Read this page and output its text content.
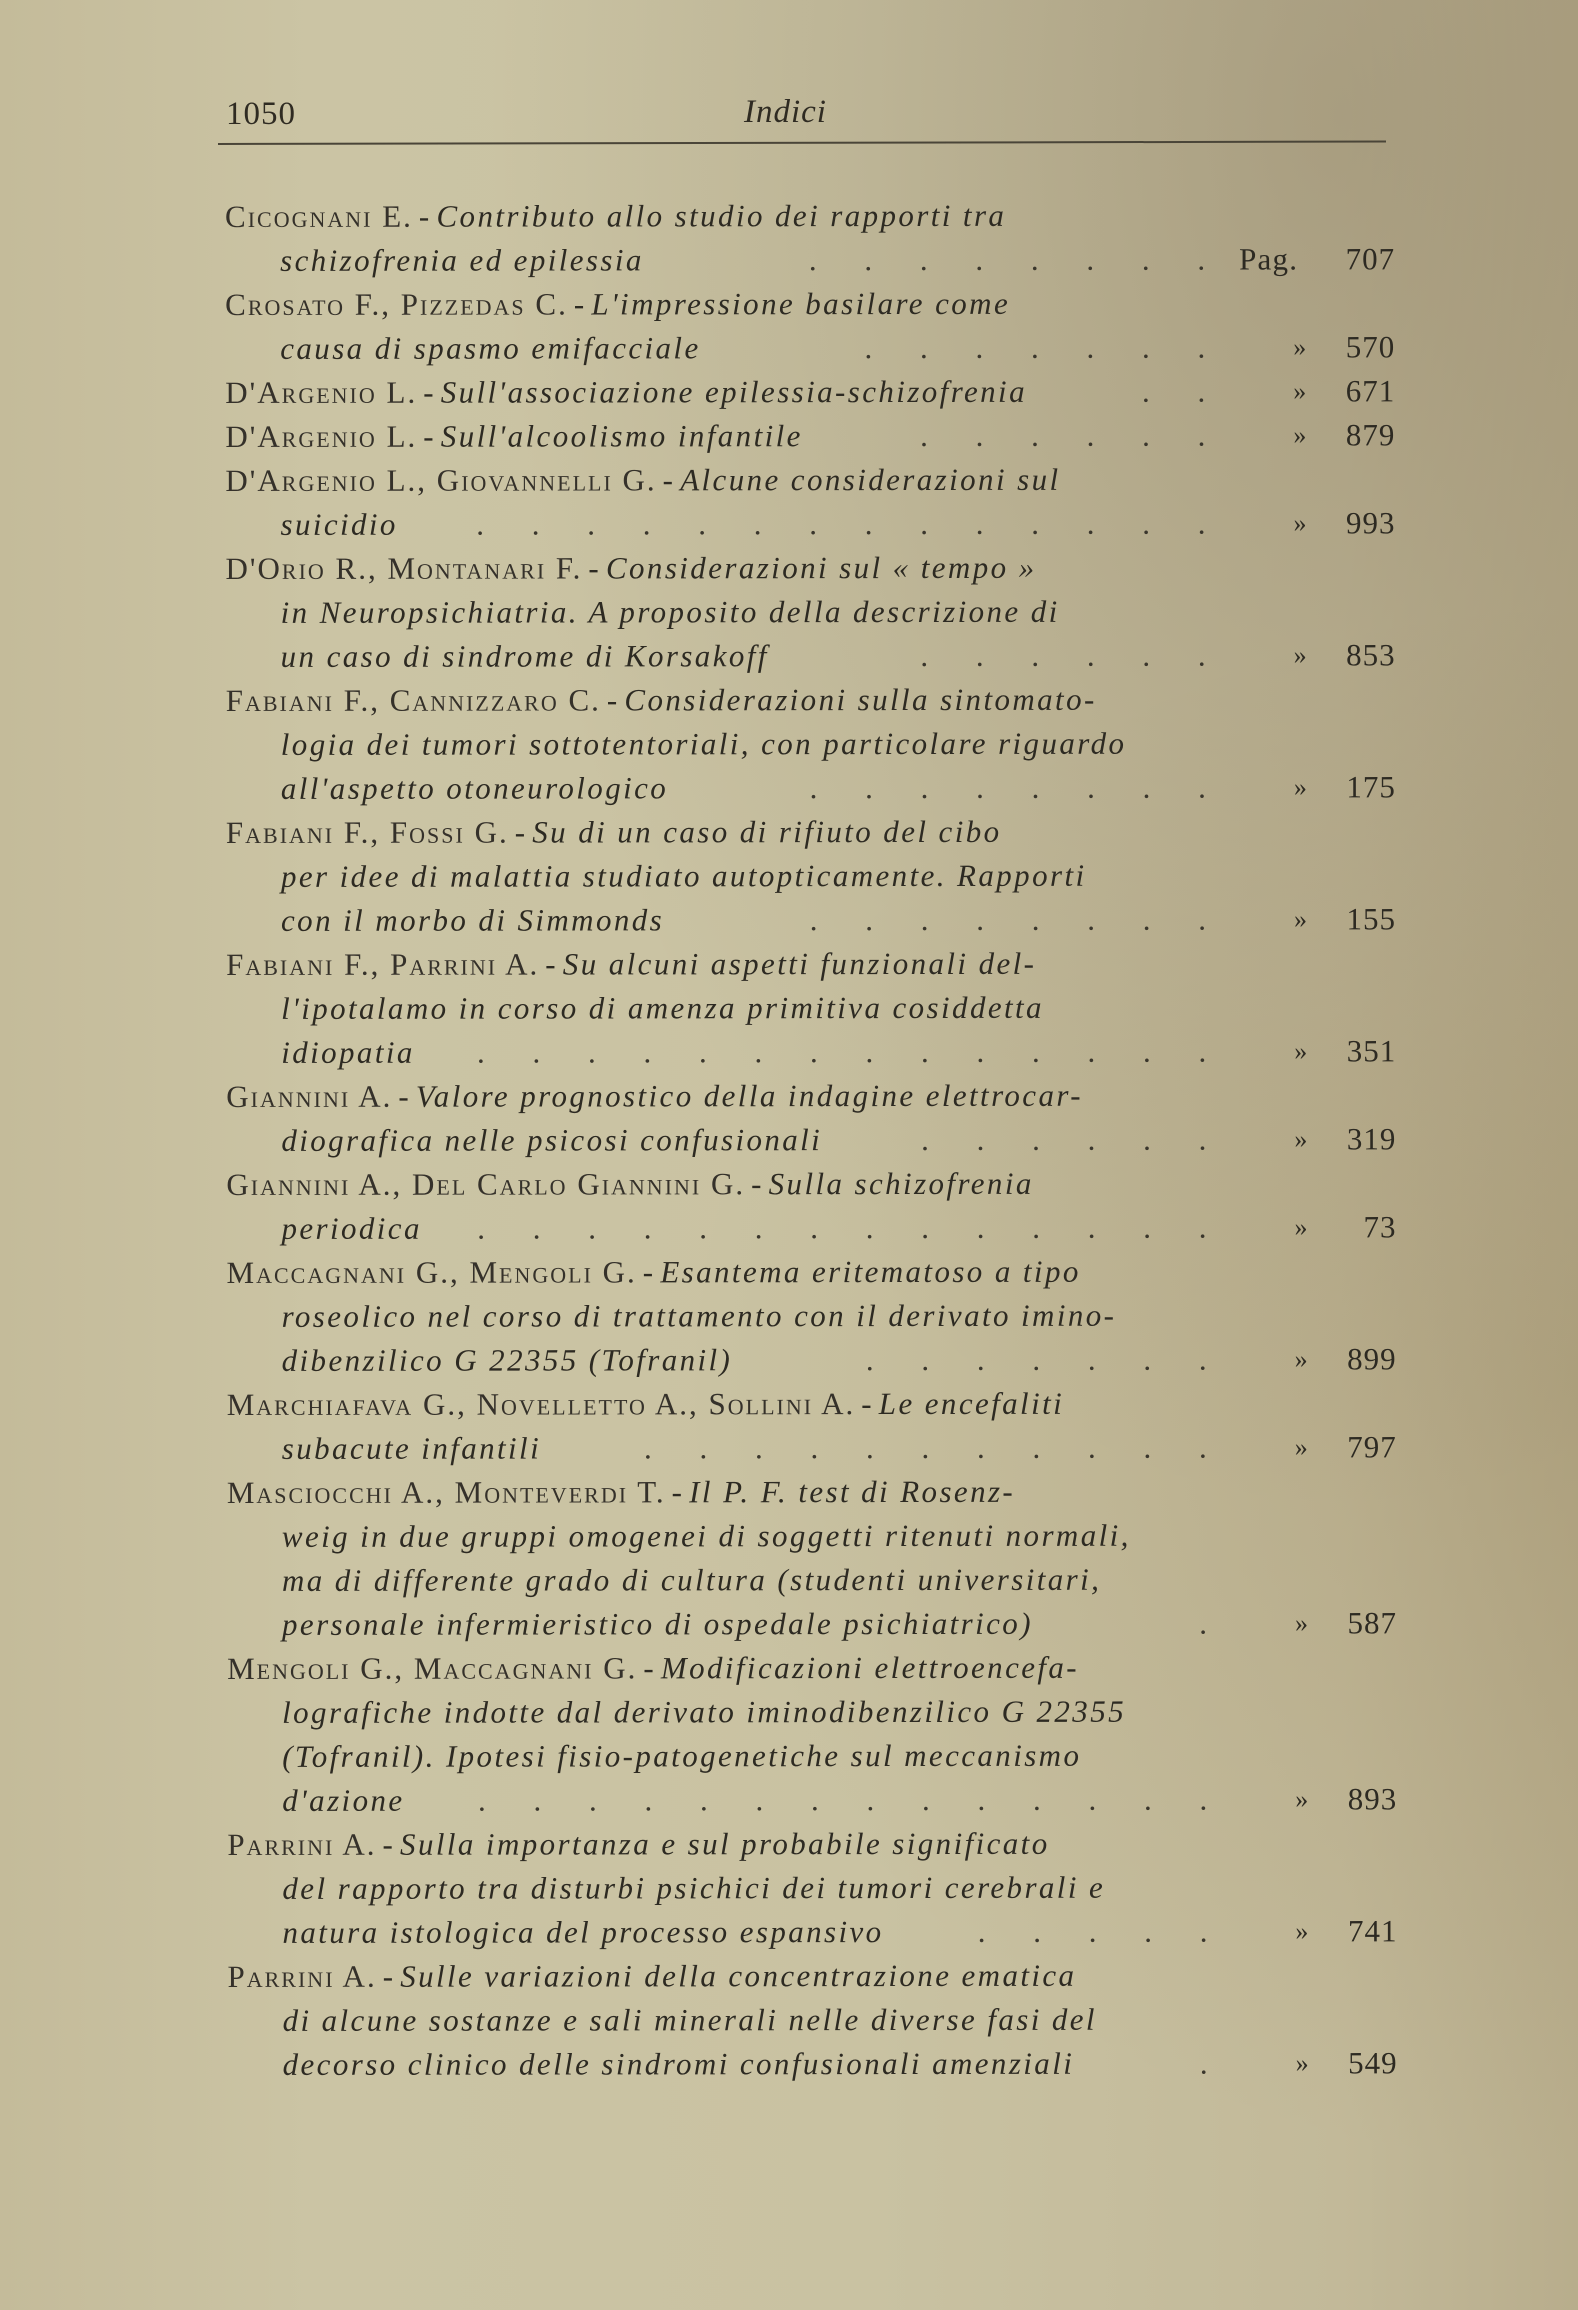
1050	Indici
Cicognani E. - Contributo allo studio dei rapporti tra
schizofrenia ed epilessia	. . . . . . . . Pag. 707
Crosato F., Pizzedas C. - L'impressione basilare come
causa di spasmo emifacciale	. . . . . . .	» 570
D'Argenio L. - Sull'associazione epilessia-schizofrenia	. .	» 671
D'Argenio L. - Sull'alcoolismo infantile	. . . . . .	» 879
D'Argenio L., Giovannelli G. - Alcune considerazioni sul
suicidio	. . . . . . . . . . . . . .	» 993
D'Orio R., Montanari F. - Considerazioni sul « tempo »
in Neuropsichiatria. A proposito della descrizione di
un caso di sindrome di Korsakoff	. . . . . .	» 853
Fabiani F., Cannizzaro C. - Considerazioni sulla sintomato-
logia dei tumori sottotentoriali, con particolare riguardo
all'aspetto otoneurologico	. . . . . . . .	» 175
Fabiani F., Fossi G. - Su di un caso di rifiuto del cibo
per idee di malattia studiato autopticamente. Rapporti
con il morbo di Simmonds	. . . . . . . .	» 155
Fabiani F., Parrini A. - Su alcuni aspetti funzionali del-
l'ipotalamo in corso di amenza primitiva cosiddetta
idiopatia . . . . . . . . . . . . . .	» 351
Giannini A. - Valore prognostico della indagine elettrocar-
diografica nelle psicosi confusionali	. . . . . .	» 319
Giannini A., Del Carlo Giannini G. - Sulla schizofrenia
periodica . . . . . . . . . . . . . .	» 73
Maccagnani G., Mengoli G. - Esantema eritematoso a tipo
roseolico nel corso di trattamento con il derivato imino-
dibenzilico G 22355 (Tofranil)	. . . . . . .	» 899
Marchiafava G., Novelletto A., Sollini A. - Le encefaliti
subacute infantili	. . . . . . . . . . .	» 797
Masciocchi A., Monteverdi T. - Il P. F. test di Rosenz-
weig in due gruppi omogenei di soggetti ritenuti normali,
ma di differente grado di cultura (studenti universitari,
personale infermieristico di ospedale psichiatrico)	.	» 587
Mengoli G., Maccagnani G. - Modificazioni elettroencefa-
lografiche indotte dal derivato iminodibenzilico G 22355
(Tofranil). Ipotesi fisio-patogenetiche sul meccanismo
d'azione . . . . . . . . . . . . . .	» 893
Parrini A. - Sulla importanza e sul probabile significato
del rapporto tra disturbi psichici dei tumori cerebrali e
natura istologica del processo espansivo	. . . . .	» 741
Parrini A. - Sulle variazioni della concentrazione ematica
di alcune sostanze e sali minerali nelle diverse fasi del
decorso clinico delle sindromi confusionali amenziali	.	» 549
